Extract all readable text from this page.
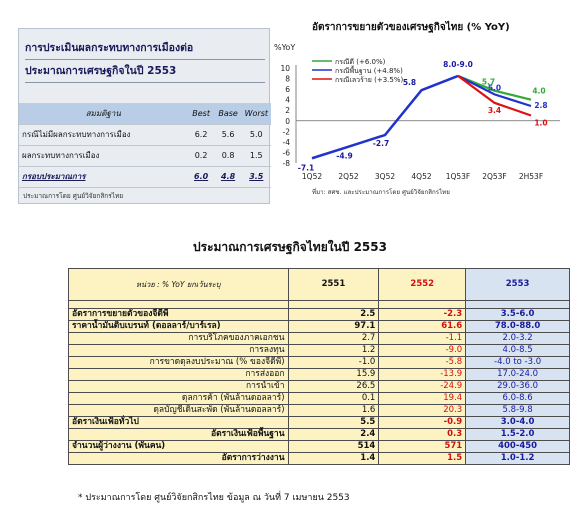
การประเมินผลกระทบทางการเมืองต่อ
ประมาณการเศรษฐกิจในปี 2553
สมมติฐาน	Best	Base	Worst
กรณีไม่มีผลกระทบทางการเมือง	6.2	5.6	5.0
ผลกระทบทางการเมือง	0.2	0.8	1.5
กรอบประมาณการ	6.0	4.8	3.5
ประมาณการโดย ศูนย์วิจัยกสิกรไทย
อัตราการขยายตัวของเศรษฐกิจไทย (% YoY)
%YoY
10
8
6
4
2
0
-2
-4
-6
-8
1Q52 2Q52 3Q52 4Q52 1Q53F 2Q53F 2H53F
-7.1
-4.9
-2.7
5.8
8.0-9.0
5.7
4.0
กรณีดี (+6.0%)
5.0
2.8
กรณีพื้นฐาน (+4.8%)
3.4
1.0
กรณีเลวร้าย (+3.5%)
ที่มา: สศช. และประมาณการโดย ศูนย์วิจัยกสิกรไทย
ประมาณการเศรษฐกิจไทยในปี 2553
หน่วย : % YoY ยกเว้นระบุ	2551	2552	2553

อัตราการขยายตัวของจีดีพี	2.5	-2.3	3.5-6.0
ราคาน้ำมันดิบเบรนท์ (ดอลลาร์/บาร์เรล)	97.1	61.6	78.0-88.0
การบริโภคของภาคเอกชน	2.7	-1.1	2.0-3.2
การลงทุน	1.2	-9.0	4.0-8.5
การขาดดุลงบประมาณ (% ของจีดีพี)	-1.0	-5.8	-4.0 to -3.0
การส่งออก	15.9	-13.9	17.0-24.0
การนำเข้า	26.5	-24.9	29.0-36.0
ดุลการค้า (พันล้านดอลลาร์)	0.1	19.4	6.0-8.6
ดุลบัญชีเดินสะพัด (พันล้านดอลลาร์)	1.6	20.3	5.8-9.8
อัตราเงินเฟ้อทั่วไป	5.5	-0.9	3.0-4.0
อัตราเงินเฟ้อพื้นฐาน	2.4	0.3	1.5-2.0
จำนวนผู้ว่างงาน (พันคน)	514	571	400-450
อัตราการว่างงาน	1.4	1.5	1.0-1.2
* ประมาณการโดย ศูนย์วิจัยกสิกรไทย ข้อมูล ณ วันที่ 7 เมษายน 2553
